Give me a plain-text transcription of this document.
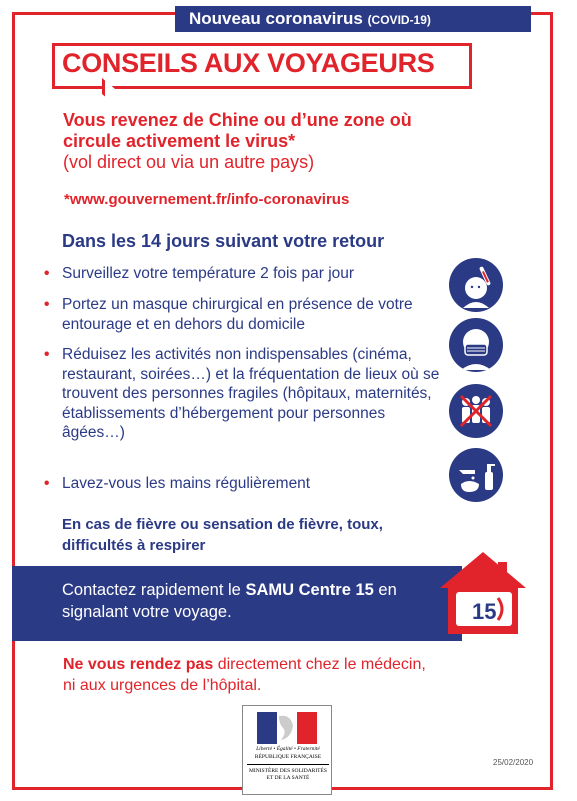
Nouveau coronavirus (COVID-19)
CONSEILS AUX VOYAGEURS
Vous revenez de Chine ou d’une zone où
circule activement le virus*
(vol direct ou via un autre pays)
*www.gouvernement.fr/info-coronavirus
Dans les 14 jours suivant votre retour
• Surveillez votre température 2 fois par jour
• Portez un masque chirurgical en présence de votre entourage et en dehors du domicile
• Réduisez les activités non indispensables (cinéma, restaurant, soirées…) et la fréquentation de lieux où se trouvent des personnes fragiles (hôpitaux, maternités, établissements d’hébergement pour personnes âgées…)
• Lavez-vous les mains régulièrement
En cas de fièvre ou sensation de fièvre, toux, difficultés à respirer
Contactez rapidement le SAMU Centre 15 en signalant votre voyage.	15
Ne vous rendez pas directement chez le médecin,
ni aux urgences de l’hôpital.
Liberté • Égalité • Fraternité
RÉPUBLIQUE FRANÇAISE
MINISTÈRE DES SOLIDARITÉS ET DE LA SANTÉ
25/02/2020
